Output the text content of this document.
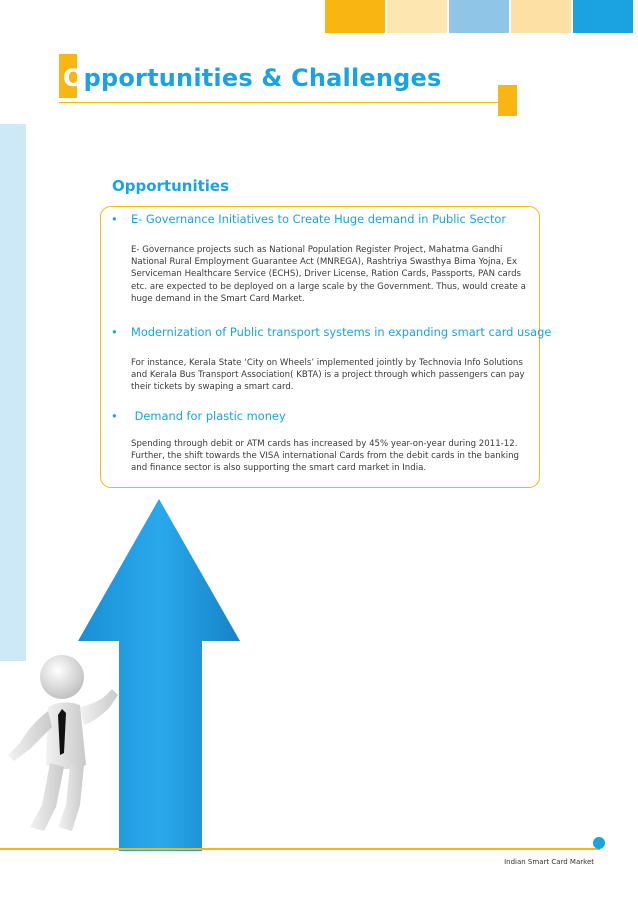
Opportunities & Challenges
Opportunities

• E- Governance Initiatives to Create Huge demand in Public Sector

E- Governance projects such as National Population Register Project, Mahatma Gandhi National Rural Employment Guarantee Act (MNREGA), Rashtriya Swasthya Bima Yojna, Ex Serviceman Healthcare Service (ECHS), Driver License, Ration Cards, Passports, PAN cards etc. are expected to be deployed on a large scale by the Government. Thus, would create a huge demand in the Smart Card Market.

• Modernization of Public transport systems in expanding smart card usage

For instance, Kerala State ‘City on Wheels’ implemented jointly by Technovia Info Solutions and Kerala Bus Transport Association( KBTA) is a project through which passengers can pay their tickets by swaping a smart card.

• Demand for plastic money

Spending through debit or ATM cards has increased by 45% year-on-year during 2011-12. Further, the shift towards the VISA international Cards from the debit cards in the banking and finance sector is also supporting the smart card market in India.

Indian Smart Card Market
